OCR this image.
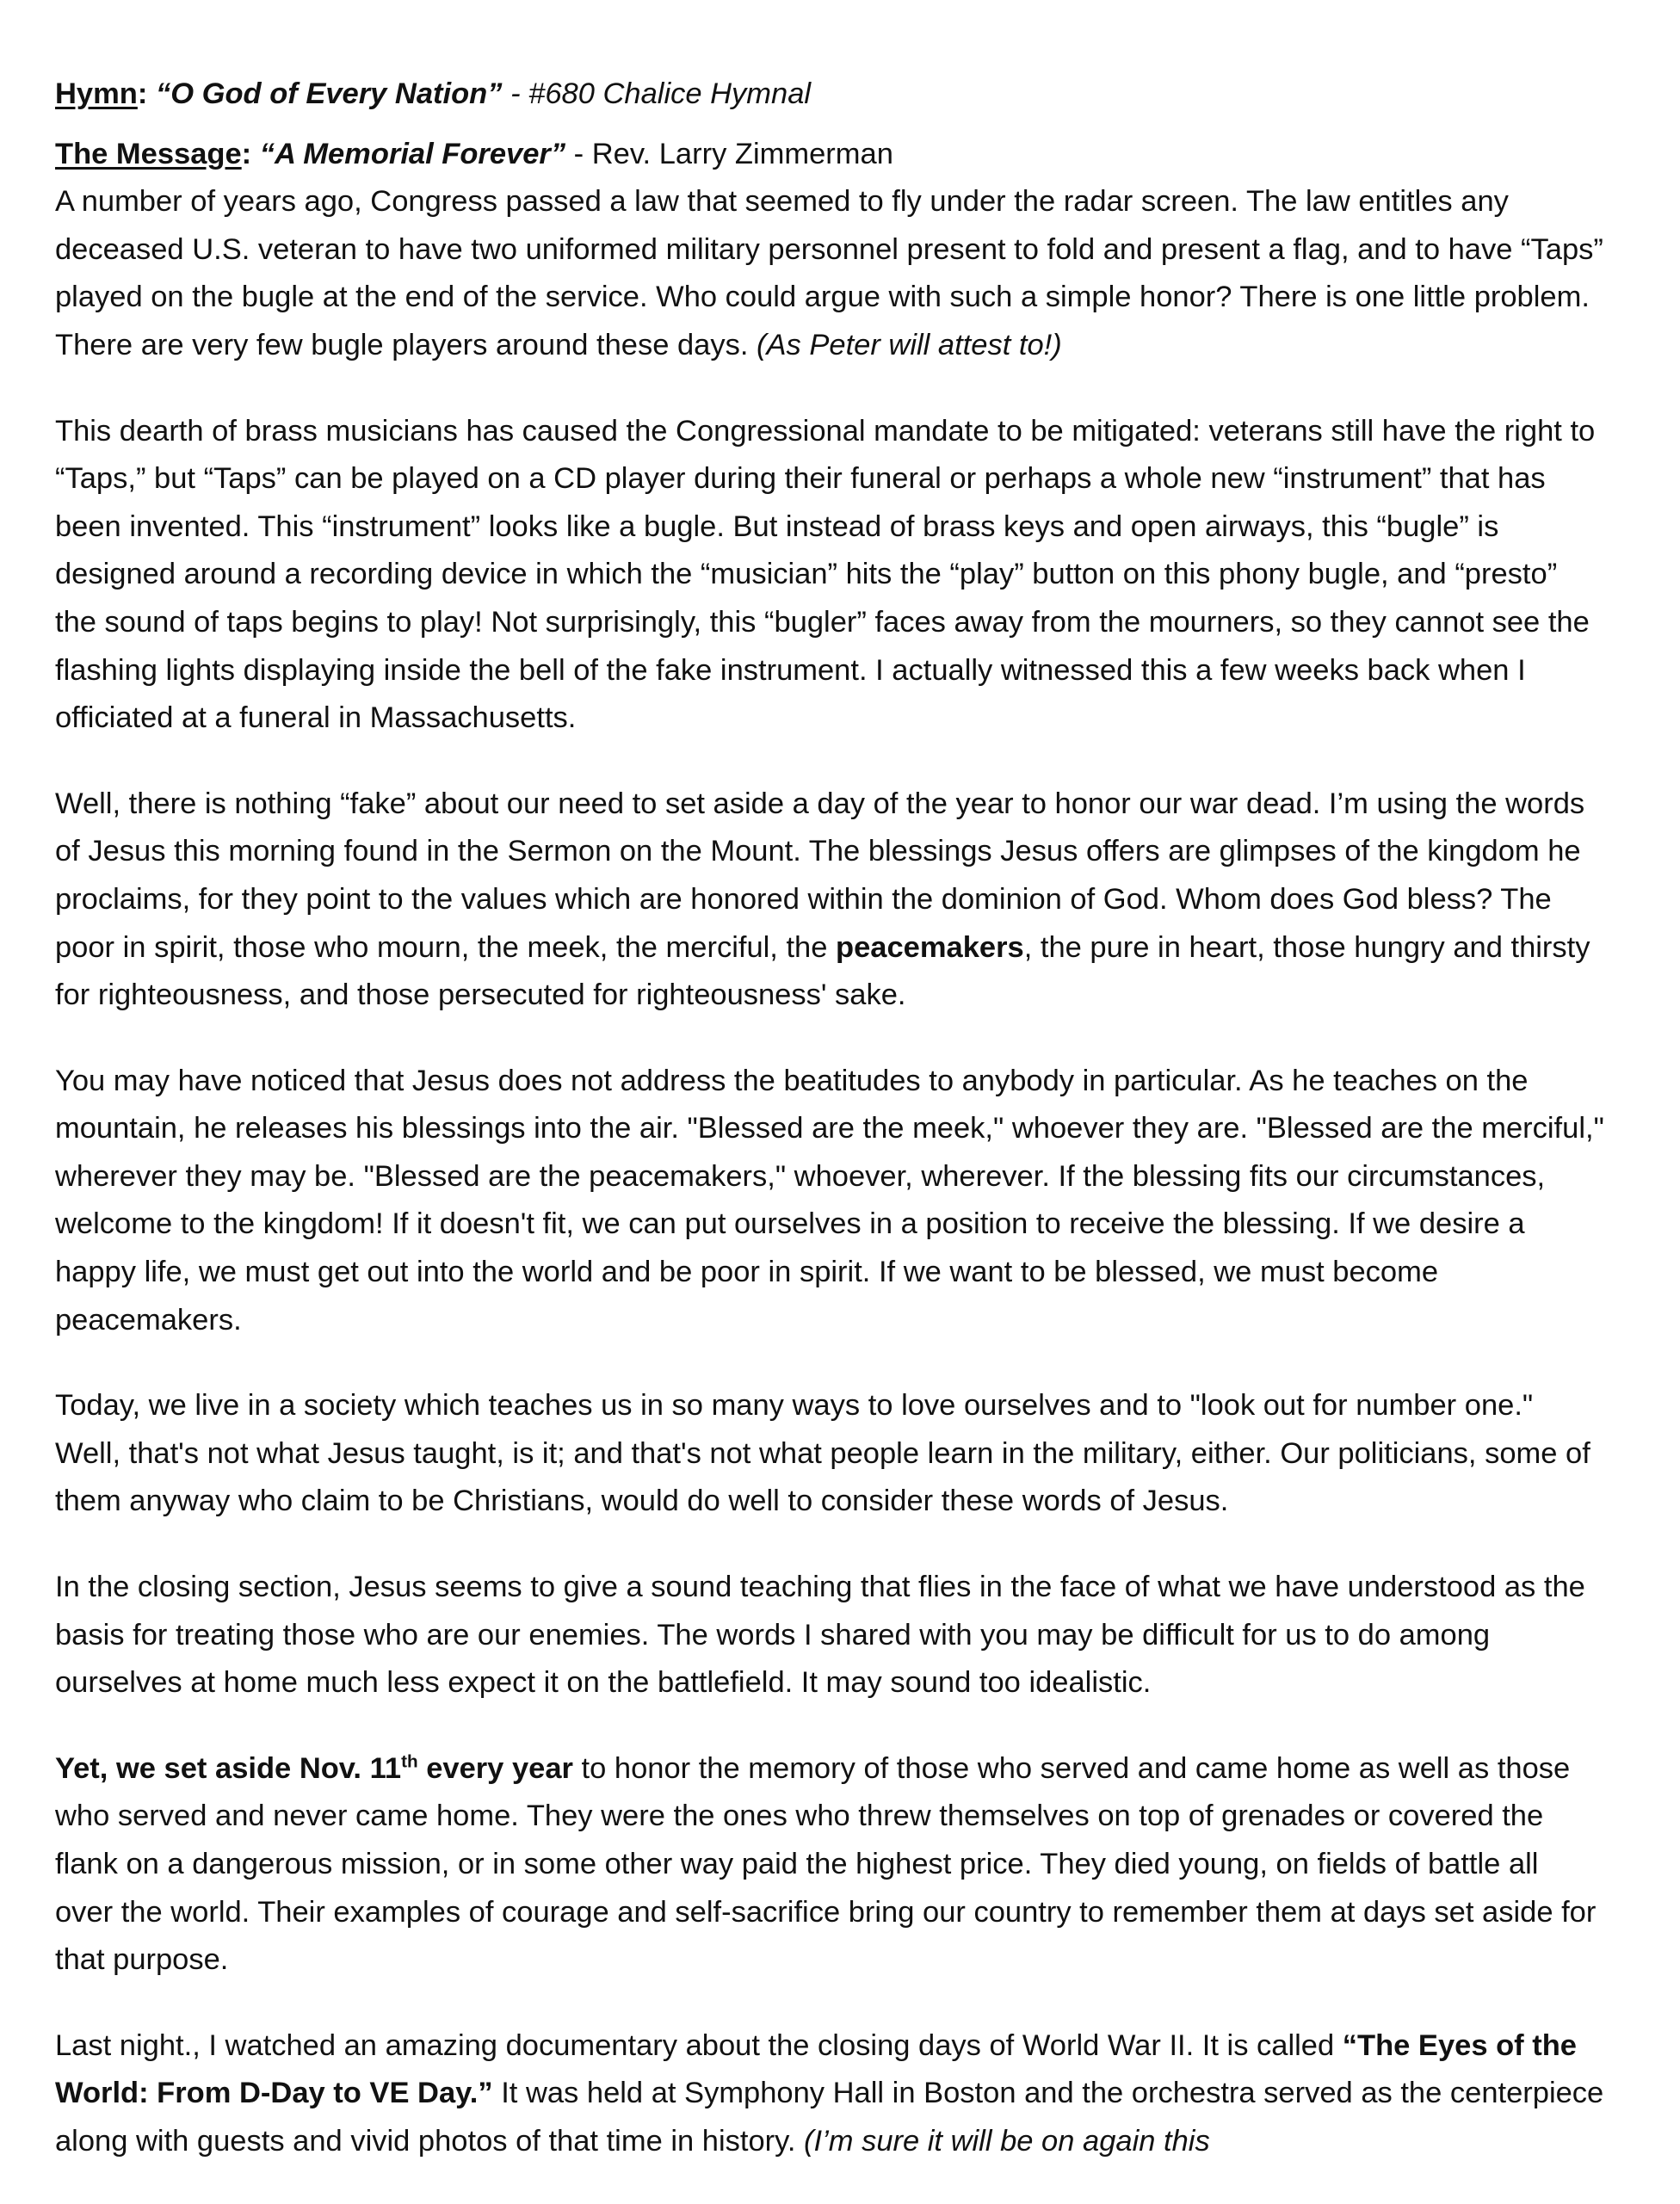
Hymn: “O God of Every Nation” - #680 Chalice Hymnal
The Message: “A Memorial Forever” - Rev. Larry Zimmerman

A number of years ago, Congress passed a law that seemed to fly under the radar screen. The law entitles any deceased U.S. veteran to have two uniformed military personnel present to fold and present a flag, and to have “Taps” played on the bugle at the end of the service. Who could argue with such a simple honor? There is one little problem. There are very few bugle players around these days. (As Peter will attest to!)

This dearth of brass musicians has caused the Congressional mandate to be mitigated: veterans still have the right to “Taps,” but “Taps” can be played on a CD player during their funeral or perhaps a whole new “instrument” that has been invented. This “instrument” looks like a bugle. But instead of brass keys and open airways, this “bugle” is designed around a recording device in which the “musician” hits the “play” button on this phony bugle, and “presto” the sound of taps begins to play! Not surprisingly, this “bugler” faces away from the mourners, so they cannot see the flashing lights displaying inside the bell of the fake instrument. I actually witnessed this a few weeks back when I officiated at a funeral in Massachusetts.

Well, there is nothing “fake” about our need to set aside a day of the year to honor our war dead. I’m using the words of Jesus this morning found in the Sermon on the Mount. The blessings Jesus offers are glimpses of the kingdom he proclaims, for they point to the values which are honored within the dominion of God. Whom does God bless? The poor in spirit, those who mourn, the meek, the merciful, the peacemakers, the pure in heart, those hungry and thirsty for righteousness, and those persecuted for righteousness' sake.

You may have noticed that Jesus does not address the beatitudes to anybody in particular. As he teaches on the mountain, he releases his blessings into the air. "Blessed are the meek," whoever they are. "Blessed are the merciful," wherever they may be. "Blessed are the peacemakers," whoever, wherever. If the blessing fits our circumstances, welcome to the kingdom! If it doesn't fit, we can put ourselves in a position to receive the blessing. If we desire a happy life, we must get out into the world and be poor in spirit. If we want to be blessed, we must become peacemakers.

Today, we live in a society which teaches us in so many ways to love ourselves and to "look out for number one." Well, that's not what Jesus taught, is it; and that's not what people learn in the military, either. Our politicians, some of them anyway who claim to be Christians, would do well to consider these words of Jesus.

In the closing section, Jesus seems to give a sound teaching that flies in the face of what we have understood as the basis for treating those who are our enemies. The words I shared with you may be difficult for us to do among ourselves at home much less expect it on the battlefield. It may sound too idealistic.

Yet, we set aside Nov. 11th every year to honor the memory of those who served and came home as well as those who served and never came home. They were the ones who threw themselves on top of grenades or covered the flank on a dangerous mission, or in some other way paid the highest price. They died young, on fields of battle all over the world. Their examples of courage and self-sacrifice bring our country to remember them at days set aside for that purpose.

Last night., I watched an amazing documentary about the closing days of World War II. It is called “The Eyes of the World: From D-Day to VE Day.” It was held at Symphony Hall in Boston and the orchestra served as the centerpiece along with guests and vivid photos of that time in history. (I’m sure it will be on again this
